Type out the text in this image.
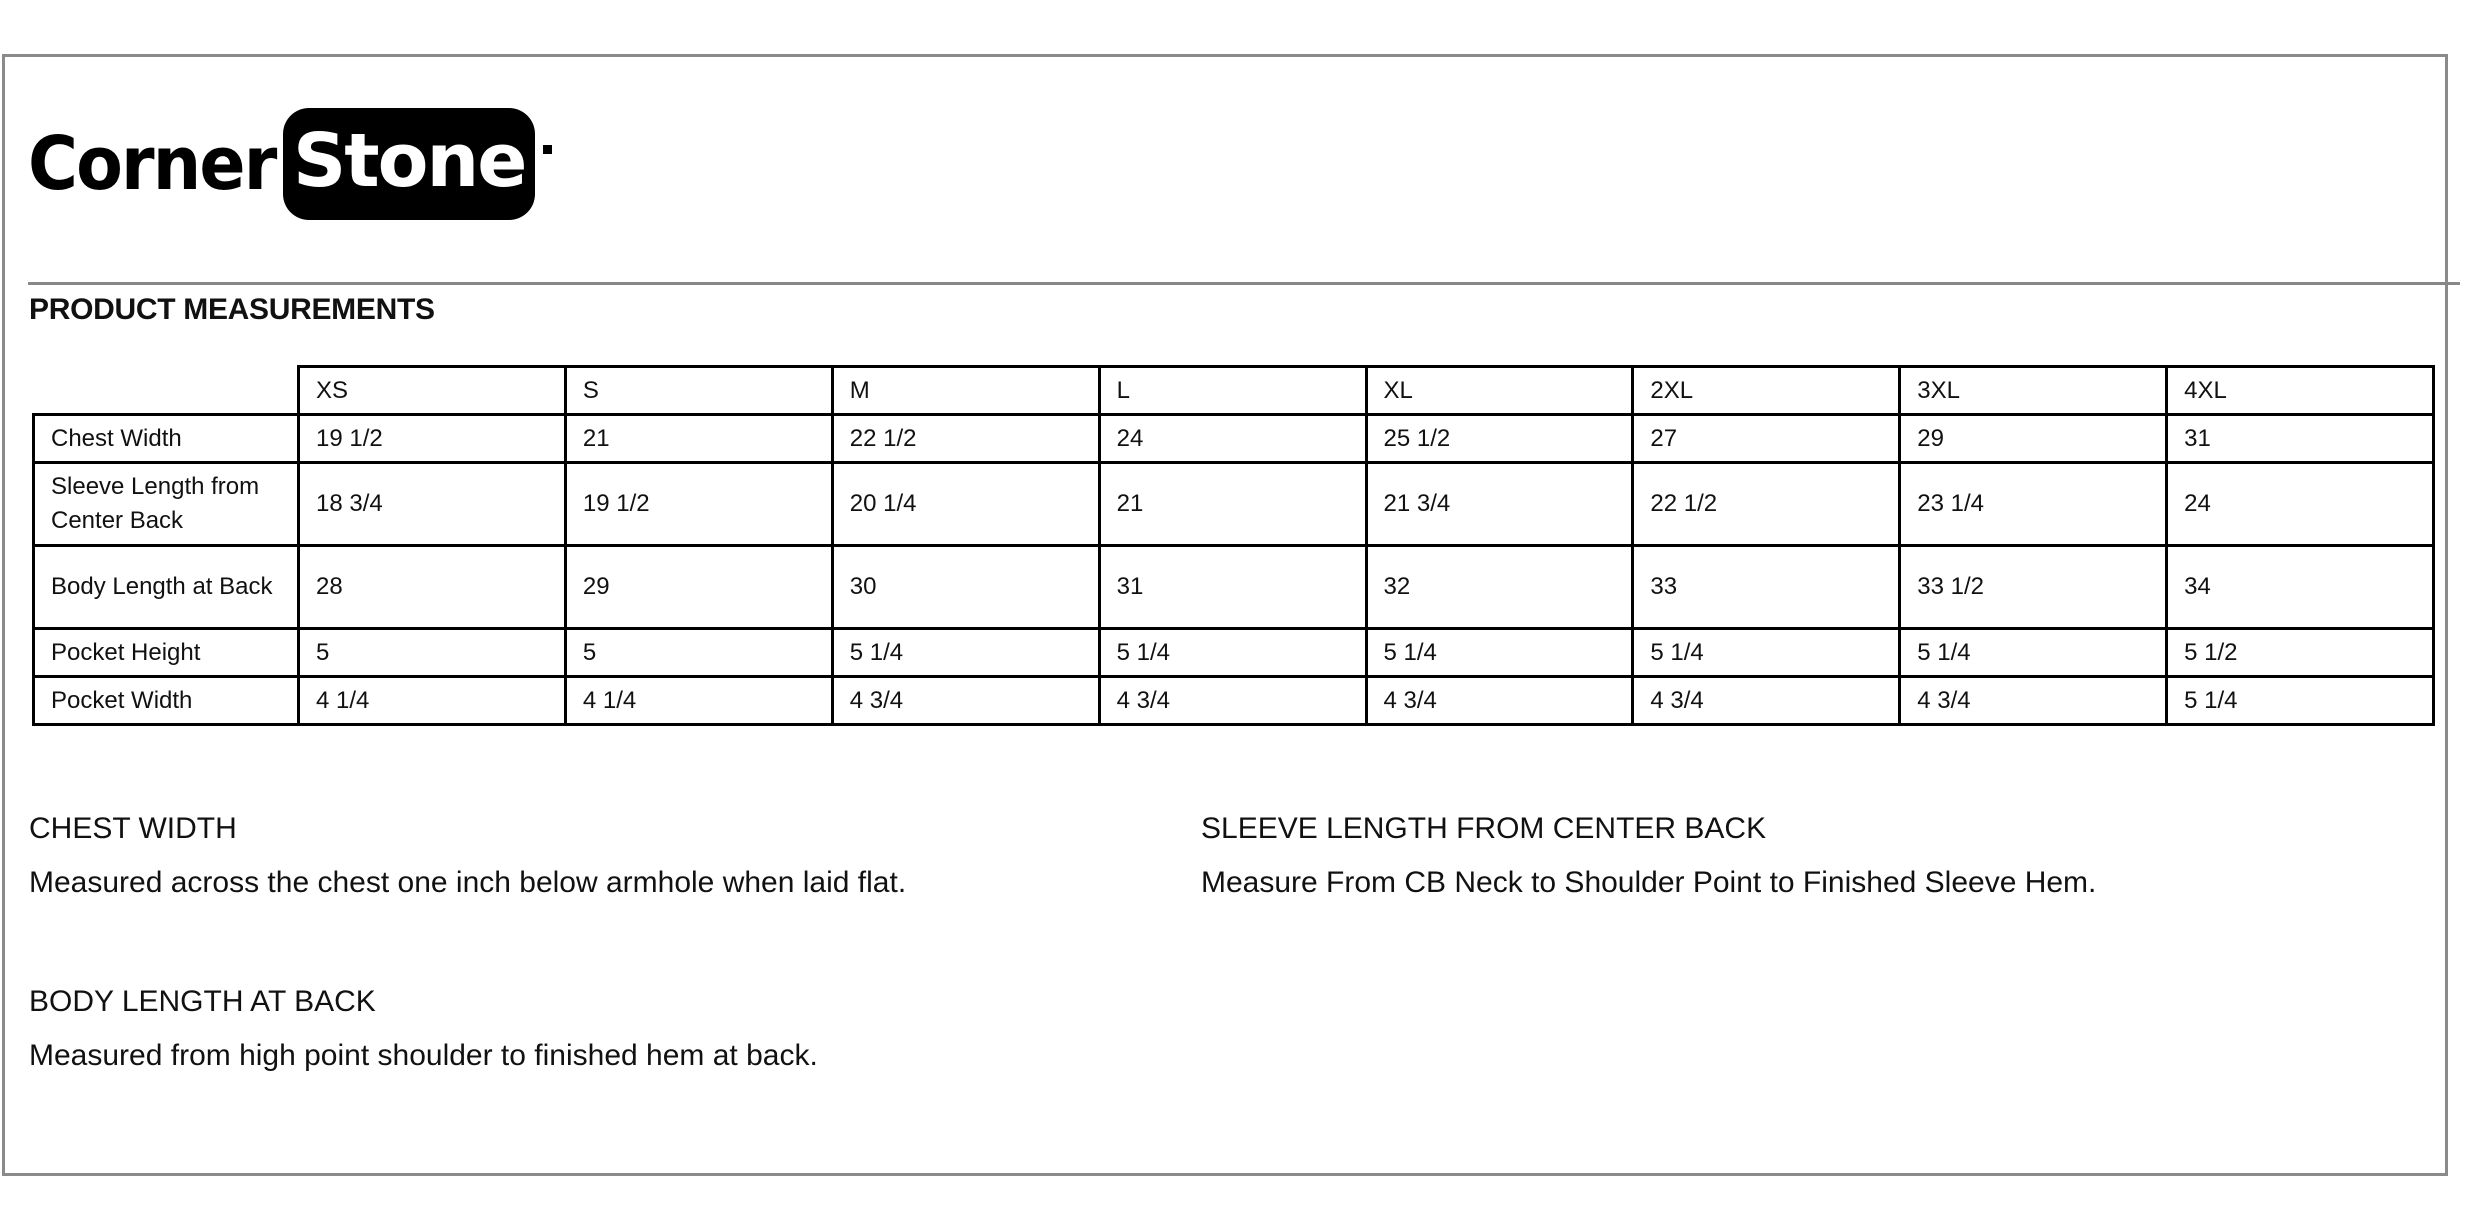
Corner Stone
PRODUCT MEASUREMENTS
	XS	S	M	L	XL	2XL	3XL	4XL
Chest Width	19 1/2	21	22 1/2	24	25 1/2	27	29	31
Sleeve Length from Center Back	18 3/4	19 1/2	20 1/4	21	21 3/4	22 1/2	23 1/4	24
Body Length at Back	28	29	30	31	32	33	33 1/2	34
Pocket Height	5	5	5 1/4	5 1/4	5 1/4	5 1/4	5 1/4	5 1/2
Pocket Width	4 1/4	4 1/4	4 3/4	4 3/4	4 3/4	4 3/4	4 3/4	5 1/4
CHEST WIDTH

Measured across the chest one inch below armhole when laid flat.

SLEEVE LENGTH FROM CENTER BACK

Measure From CB Neck to Shoulder Point to Finished Sleeve Hem.

BODY LENGTH AT BACK

Measured from high point shoulder to finished hem at back.
